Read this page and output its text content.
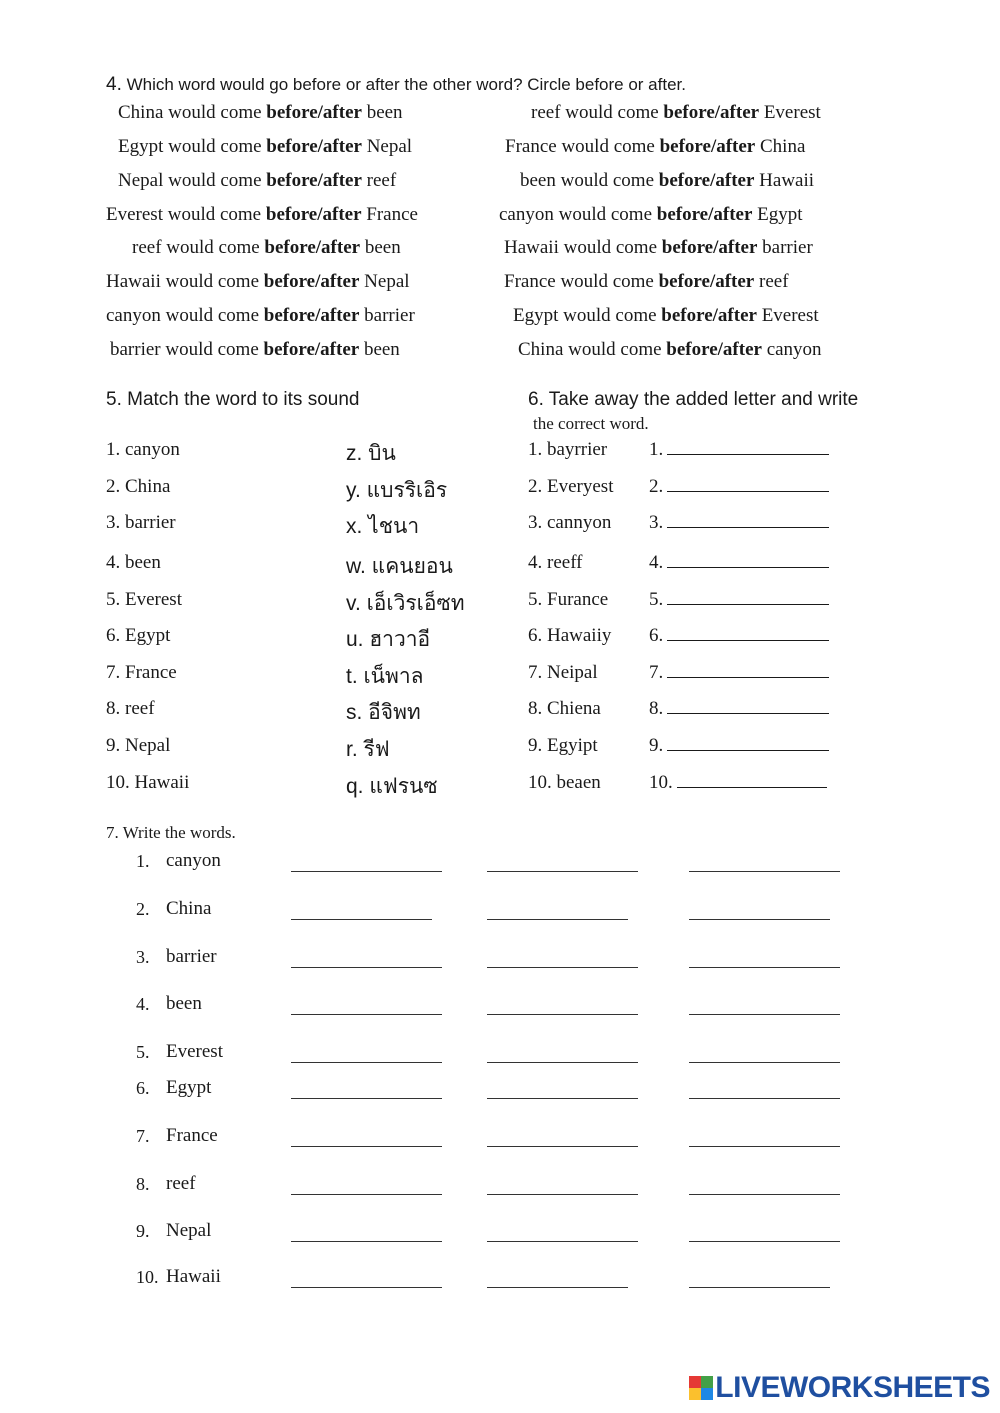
4. Which word would go before or after the other word? Circle before or after.
China would come before/after been	reef would come before/after Everest
Egypt would come before/after Nepal	France would come before/after China
Nepal would come before/after reef	been would come before/after Hawaii
Everest would come before/after France	canyon would come before/after Egypt
reef would come before/after been	Hawaii would come before/after barrier
Hawaii would come before/after Nepal	France would come before/after reef
canyon would come before/after barrier	Egypt would come before/after Everest
barrier would come before/after been	China would come before/after canyon
5. Match the word to its sound	6. Take away the added letter and write
the correct word.
1. canyon	z. บิน
2. China	y. แบรริเอิร
3. barrier	x. ไชนา
4. been	w. แคนยอน
5. Everest	v. เอ็เวิรเอ็ซท
6. Egypt	u. ฮาวาอี
7. France	t. เน็พาล
8. reef	s. อีจิพท
9. Nepal	r. รีฟ
10. Hawaii	q. แฟรนซ
1. bayrrier 1.
2. Everyest 2.
3. cannyon 3.
4. reeff	4.
5. Furance 5.
6. Hawaiiy 6.
7. Neipal	7.
8. Chiena	8.
9. Egyipt	9.
10. beaen	10.
7. Write the words.
1. canyon
2. China
3. barrier
4. been
5. Everest
6. Egypt
7. France
8. reef
9. Nepal
10. Hawaii
LIVEWORKSHEETS
